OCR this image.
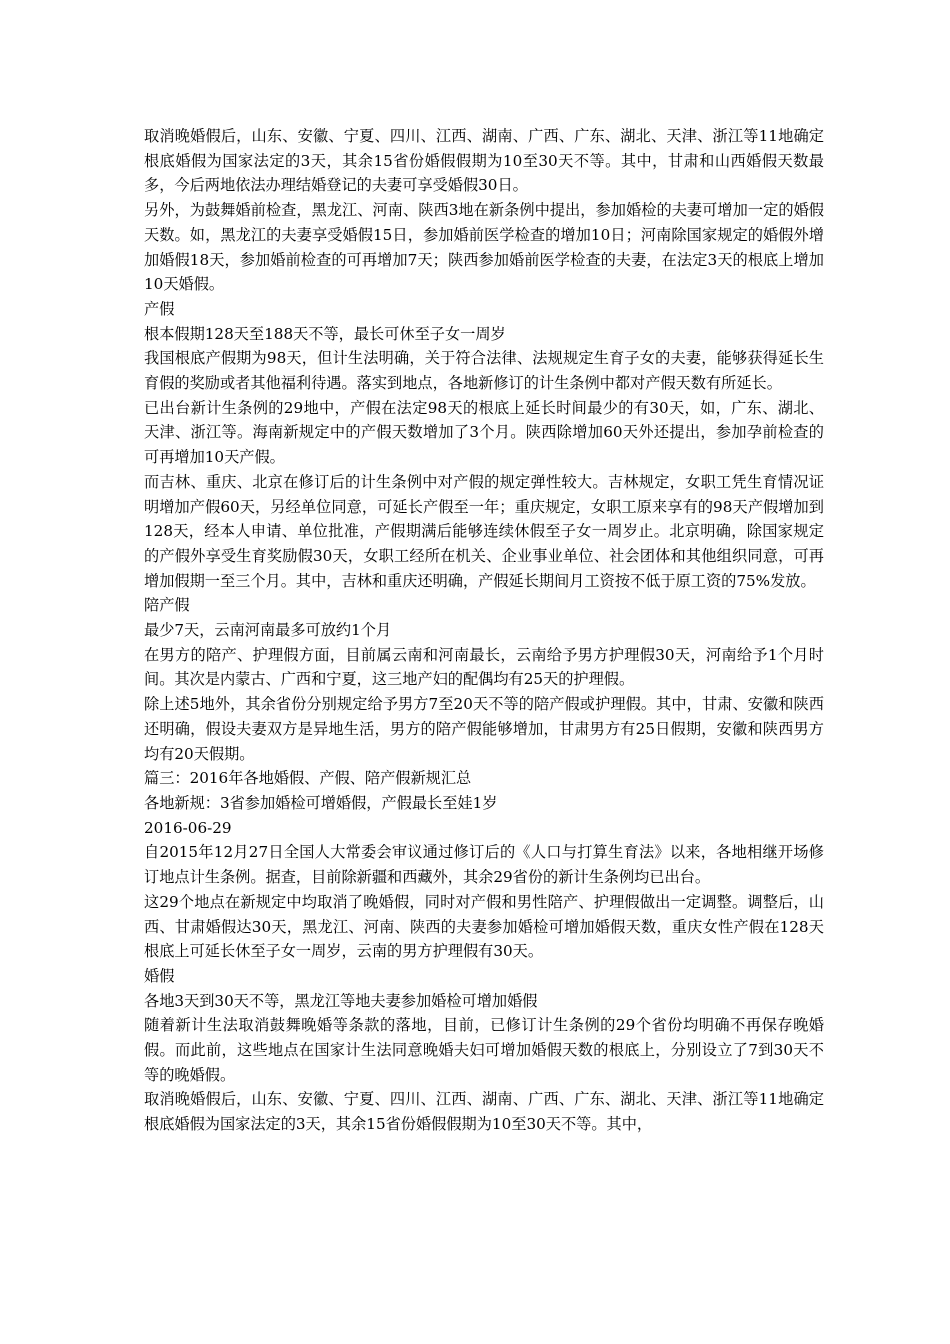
取消晚婚假后，山东、安徽、宁夏、四川、江西、湖南、广西、广东、湖北、天津、浙江等11地确定根底婚假为国家法定的3天，其余15省份婚假假期为10至30天不等。其中，甘肃和山西婚假天数最多，今后两地依法办理结婚登记的夫妻可享受婚假30日。

另外，为鼓舞婚前检查，黑龙江、河南、陕西3地在新条例中提出，参加婚检的夫妻可增加一定的婚假天数。如，黑龙江的夫妻享受婚假15日，参加婚前医学检查的增加10日；河南除国家规定的婚假外增加婚假18天，参加婚前检查的可再增加7天；陕西参加婚前医学检查的夫妻，在法定3天的根底上增加10天婚假。

产假

根本假期128天至188天不等，最长可休至子女一周岁

我国根底产假期为98天，但计生法明确，关于符合法律、法规规定生育子女的夫妻，能够获得延长生育假的奖励或者其他福利待遇。落实到地点，各地新修订的计生条例中都对产假天数有所延长。

已出台新计生条例的29地中，产假在法定98天的根底上延长时间最少的有30天，如，广东、湖北、天津、浙江等。海南新规定中的产假天数增加了3个月。陕西除增加60天外还提出，参加孕前检查的可再增加10天产假。

而吉林、重庆、北京在修订后的计生条例中对产假的规定弹性较大。吉林规定，女职工凭生育情况证明增加产假60天，另经单位同意，可延长产假至一年；重庆规定，女职工原来享有的98天产假增加到128天，经本人申请、单位批准，产假期满后能够连续休假至子女一周岁止。北京明确，除国家规定的产假外享受生育奖励假30天，女职工经所在机关、企业事业单位、社会团体和其他组织同意，可再增加假期一至三个月。其中，吉林和重庆还明确，产假延长期间月工资按不低于原工资的75%发放。

陪产假

最少7天，云南河南最多可放约1个月

在男方的陪产、护理假方面，目前属云南和河南最长，云南给予男方护理假30天，河南给予1个月时间。其次是内蒙古、广西和宁夏，这三地产妇的配偶均有25天的护理假。

除上述5地外，其余省份分别规定给予男方7至20天不等的陪产假或护理假。其中，甘肃、安徽和陕西还明确，假设夫妻双方是异地生活，男方的陪产假能够增加，甘肃男方有25日假期，安徽和陕西男方均有20天假期。

篇三：2016年各地婚假、产假、陪产假新规汇总

各地新规：3省参加婚检可增婚假，产假最长至娃1岁

2016-06-29

自2015年12月27日全国人大常委会审议通过修订后的《人口与打算生育法》以来，各地相继开场修订地点计生条例。据查，目前除新疆和西藏外，其余29省份的新计生条例均已出台。

这29个地点在新规定中均取消了晚婚假，同时对产假和男性陪产、护理假做出一定调整。调整后，山西、甘肃婚假达30天，黑龙江、河南、陕西的夫妻参加婚检可增加婚假天数，重庆女性产假在128天根底上可延长休至子女一周岁，云南的男方护理假有30天。

婚假

各地3天到30天不等，黑龙江等地夫妻参加婚检可增加婚假

随着新计生法取消鼓舞晚婚等条款的落地，目前，已修订计生条例的29个省份均明确不再保存晚婚假。而此前，这些地点在国家计生法同意晚婚夫妇可增加婚假天数的根底上，分别设立了7到30天不等的晚婚假。

取消晚婚假后，山东、安徽、宁夏、四川、江西、湖南、广西、广东、湖北、天津、浙江等11地确定根底婚假为国家法定的3天，其余15省份婚假假期为10至30天不等。其中，
